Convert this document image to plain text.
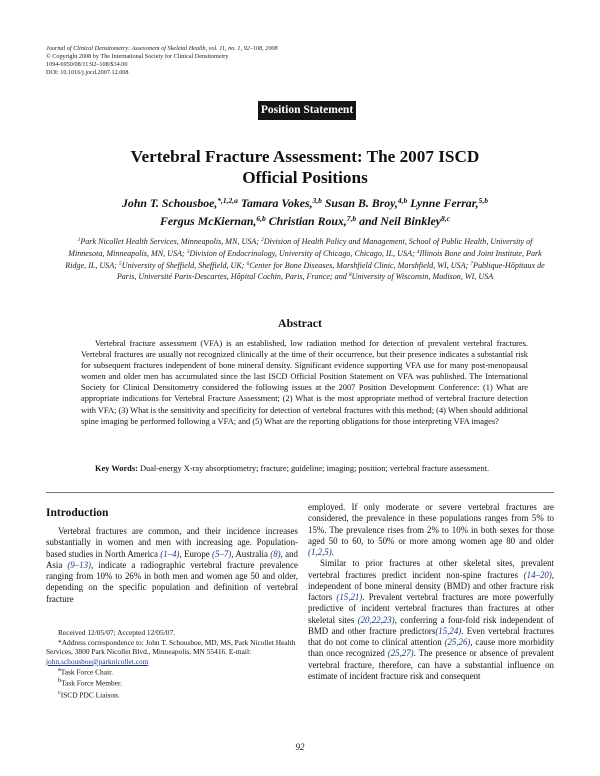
Journal of Clinical Densitometry: Assessment of Skeletal Health, vol. 11, no. 1, 92–108, 2008
© Copyright 2008 by The International Society for Clinical Densitometry
1094-6950/08/11:92–108/$34.00
DOI: 10.1016/j.jocd.2007.12.008
Position Statement
Vertebral Fracture Assessment: The 2007 ISCD
Official Positions
John T. Schousboe,$^{*,1,2,a}$ Tamara Vokes,$^{3,b}$ Susan B. Broy,$^{4,b}$ Lynne Ferrar,$^{5,b}$
Fergus McKiernan,$^{6,b}$ Christian Roux,$^{7,b}$ and Neil Binkley$^{8,c}$
$^1$Park Nicollet Health Services, Minneapolis, MN, USA; $^2$Division of Health Policy and Management, School of Public Health, University of Minnesota, Minneapolis, MN, USA; $^3$Division of Endocrinology, University of Chicago, Chicago, IL, USA; $^4$Illinois Bone and Joint Institute, Park Ridge, IL, USA; $^5$University of Sheffield, Sheffield, UK; $^6$Center for Bone Diseases, Marshfield Clinic, Marshfield, WI, USA; $^7$Publique-Hôpitaux de Paris, Université Paris-Descartes, Hôpital Cochin, Paris, France; and $^8$University of Wisconsin, Madison, WI, USA
Abstract
Vertebral fracture assessment (VFA) is an established, low radiation method for detection of prevalent vertebral fractures. Vertebral fractures are usually not recognized clinically at the time of their occurrence, but their presence indicates a substantial risk for subsequent fractures independent of bone mineral density. Significant evidence supporting VFA use for many post-menopausal women and older men has accumulated since the last ISCD Official Position Statement on VFA was published. The International Society for Clinical Densitometry considered the following issues at the 2007 Position Development Conference: (1) What are appropriate indications for Vertebral Fracture Assessment; (2) What is the most appropriate method of vertebral fracture detection with VFA; (3) What is the sensitivity and specificity for detection of vertebral fractures with this method; (4) When should additional spine imaging be performed following a VFA; and (5) What are the reporting obligations for those interpreting VFA images?
Key Words: Dual-energy X-ray absorptiometry; fracture; guideline; imaging; position; vertebral fracture assessment.
Introduction
Vertebral fractures are common, and their incidence increases substantially in women and men with increasing age. Population-based studies in North America (1–4), Europe (5–7), Australia (8), and Asia (9–13), indicate a radiographic vertebral fracture prevalence ranging from 10% to 26% in both men and women age 50 and older, depending on the specific population and definition of vertebral fracture
Received 12/05/07; Accepted 12/05/07.
*Address correspondence to: John T. Schousboe, MD, MS, Park Nicollet Health Services, 3800 Park Nicollet Blvd., Minneapolis, MN 55416. E-mail: john.schousboe@parknicollet.com
$^a$Task Force Chair.
$^b$Task Force Member.
$^c$ISCD PDC Liaison.

employed. If only moderate or severe vertebral fractures are considered, the prevalence in these populations ranges from 5% to 15%. The prevalence rises from 2% to 10% in both sexes for those aged 50 to 60, to 50% or more among women age 80 and older (1,2,5).

Similar to prior fractures at other skeletal sites, prevalent vertebral fractures predict incident non-spine fractures (14–20), independent of bone mineral density (BMD) and other fracture risk factors (15,21). Prevalent vertebral fractures are more powerfully predictive of incident vertebral fractures than fractures at other skeletal sites (20,22,23), conferring a four-fold risk independent of BMD and other fracture predictors(15,24). Even vertebral fractures that do not come to clinical attention (25,26), cause more morbidity than once recognized (25,27). The presence or absence of prevalent vertebral fracture, therefore, can have a substantial influence on estimate of incident fracture risk and consequent

92
